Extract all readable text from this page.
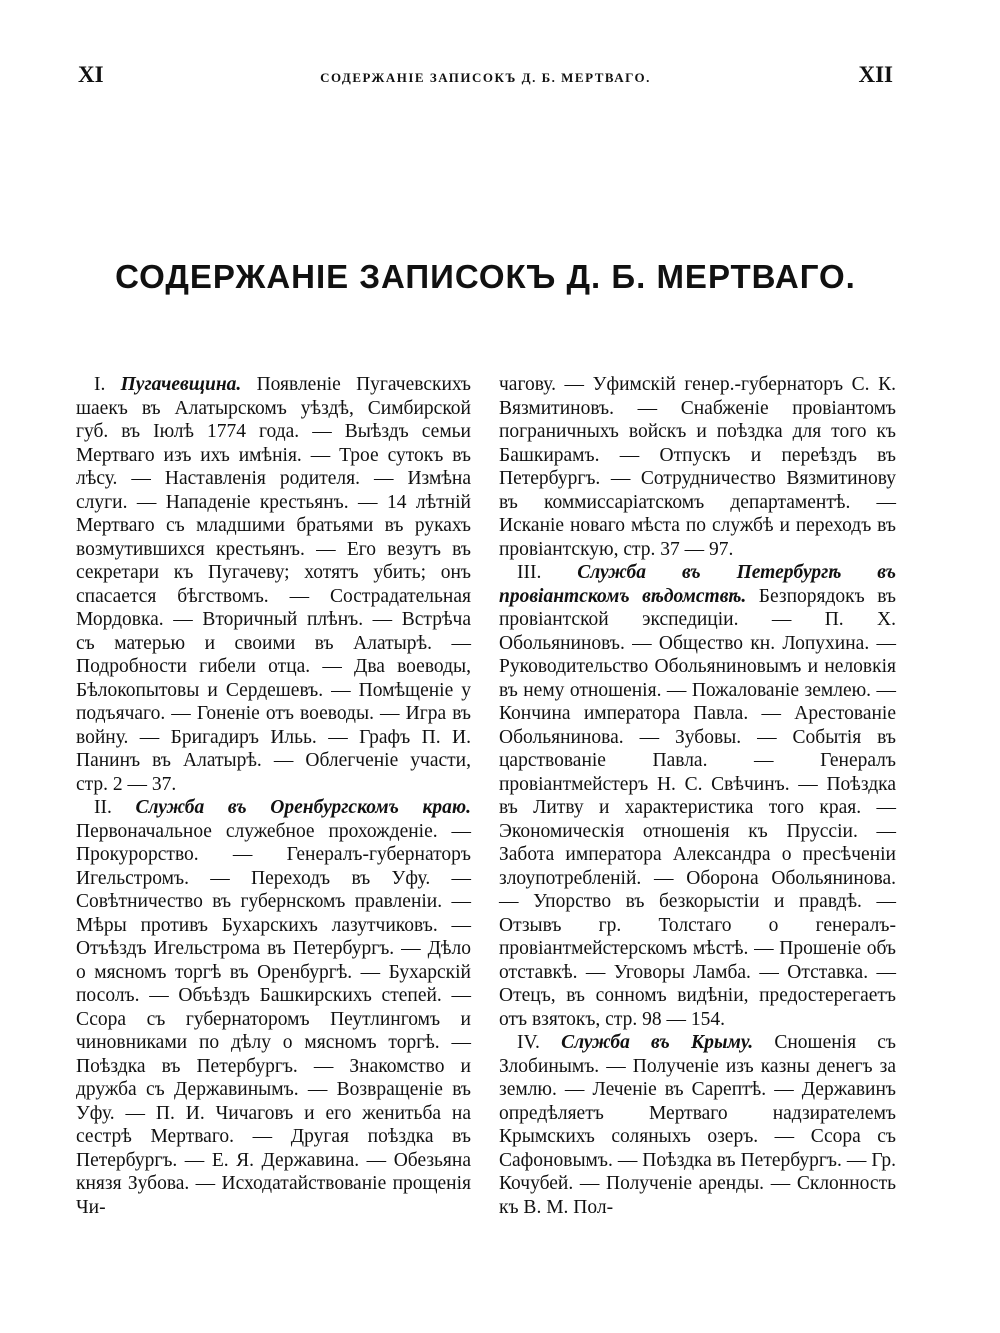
XI	СОДЕРЖАНІЕ ЗАПИСОКЪ Д. Б. МЕРТВАГО.	XII
СОДЕРЖАНІЕ ЗАПИСОКЪ Д. Б. МЕРТВАГО.

I. Пугачевщина. Появленіе Пугачевскихъ шаекъ въ Алатырскомъ уѣздѣ, Симбирской губ. въ Іюлѣ 1774 года. — Выѣздъ семьи Мертваго изъ ихъ имѣнія. — Трое сутокъ въ лѣсу. — Наставленія родителя. — Измѣна слуги. — Нападеніе крестьянъ. — 14 лѣтній Мертваго съ младшими братьями въ рукахъ возмутившихся крестьянъ. — Его везутъ въ секретари къ Пугачеву; хотятъ убить; онъ спасается бѣгствомъ. — Сострадательная Мордовка. — Вторичный плѣнъ. — Встрѣча съ матерью и своими въ Алатырѣ. — Подробности гибели отца. — Два воеводы, Бѣлокопытовы и Сердешевъ. — Помѣщеніе у подъячаго. — Гоненіе отъ воеводы. — Игра въ войну. — Бригадиръ Ильь. — Графъ П. И. Панинъ въ Алатырѣ. — Облегченіе участи, стр. 2 — 37.

II. Служба въ Оренбургскомъ краю. Первоначальное служебное прохожденіе. — Прокурорство. — Генералъ-губернаторъ Игельстромъ. — Переходъ въ Уфу. — Совѣтничество въ губернскомъ правленіи. — Мѣры противъ Бухарскихъ лазутчиковъ. — Отъѣздъ Игельстрома въ Петербургъ. — Дѣло о мясномъ торгѣ въ Оренбургѣ. — Бухарскій посолъ. — Объѣздъ Башкирскихъ степей. — Ссора съ губернаторомъ Пеутлингомъ и чиновниками по дѣлу о мясномъ торгѣ. — Поѣздка въ Петербургъ. — Знакомство и дружба съ Державинымъ. — Возвращеніе въ Уфу. — П. И. Чичаговъ и его женитьба на сестрѣ Мертваго. — Другая поѣздка въ Петербургъ. — Е. Я. Державина. — Обезьяна князя Зубова. — Исходатайствованіе прощенія Чи-

чагову. — Уфимскій генер.-губернаторъ С. К. Вязмитиновъ. — Снабженіе провіантомъ пограничныхъ войскъ и поѣздка для того къ Башкирамъ. — Отпускъ и переѣздъ въ Петербургъ. — Сотрудничество Вязмитинову въ коммиссаріатскомъ департаментѣ. — Исканіе новаго мѣста по службѣ и переходъ въ провіантскую, стр. 37 — 97.

III. Служба въ Петербургѣ въ провіантскомъ вѣдомствѣ. Безпорядокъ въ провіантской экспедиціи. — П. Х. Обольяниновъ. — Общество кн. Лопухина. — Руководительство Обольяниновымъ и неловкія въ нему отношенія. — Пожалованіе землею. — Кончина императора Павла. — Арестованіе Обольянинова. — Зубовы. — Событія въ царствованіе Павла. — Генералъ провіантмейстеръ Н. С. Свѣчинъ. — Поѣздка въ Литву и характеристика того края. — Экономическія отношенія къ Пруссіи. — Забота императора Александра о пресѣченіи злоупотребленій. — Оборона Обольянинова. — Упорство въ безкорыстіи и правдѣ. — Отзывъ гр. Толстаго о генералъ-провіантмейстерскомъ мѣстѣ. — Прошеніе объ отставкѣ. — Уговоры Ламба. — Отставка. — Отецъ, въ сонномъ видѣніи, предостерегаетъ отъ взятокъ, стр. 98 — 154.

IV. Служба въ Крыму. Сношенія съ Злобинымъ. — Полученіе изъ казны денегъ за землю. — Леченіе въ Сарептѣ. — Державинъ опредѣляетъ Мертваго надзирателемъ Крымскихъ соляныхъ озеръ. — Ссора съ Сафоновымъ. — Поѣздка въ Петербургъ. — Гр. Кочубей. — Полученіе аренды. — Склонность къ В. М. Пол-
